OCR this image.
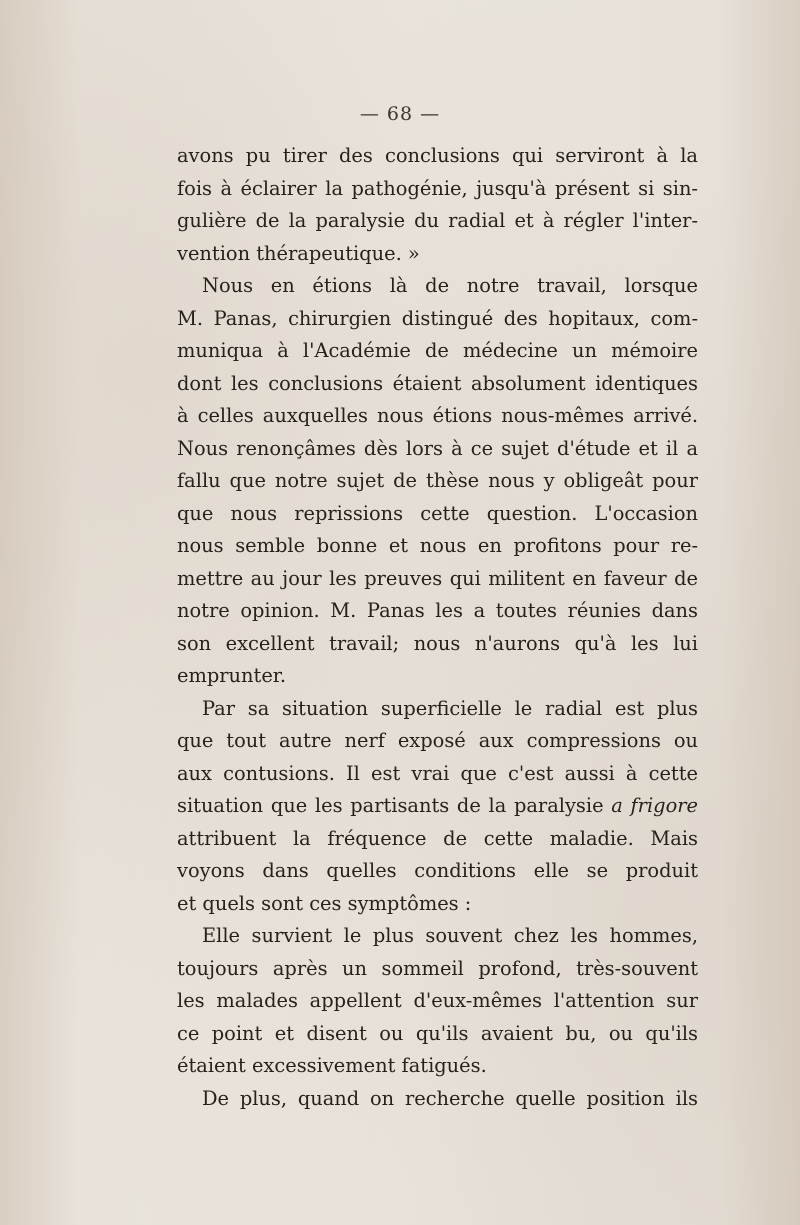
— 68 —
avons pu tirer des conclusions qui serviront à la
fois à éclairer la pathogénie, jusqu'à présent si sin-
gulière de la paralysie du radial et à régler l'inter-
vention thérapeutique. »
Nous en étions là de notre travail, lorsque
M. Panas, chirurgien distingué des hopitaux, com-
muniqua à l'Académie de médecine un mémoire
dont les conclusions étaient absolument identiques
à celles auxquelles nous étions nous-mêmes arrivé.
Nous renonçâmes dès lors à ce sujet d'étude et il a
fallu que notre sujet de thèse nous y obligeât pour
que nous reprissions cette question. L'occasion
nous semble bonne et nous en profitons pour re-
mettre au jour les preuves qui militent en faveur de
notre opinion. M. Panas les a toutes réunies dans
son excellent travail; nous n'aurons qu'à les lui
emprunter.
Par sa situation superficielle le radial est plus
que tout autre nerf exposé aux compressions ou
aux contusions. Il est vrai que c'est aussi à cette
situation que les partisants de la paralysie a frigore
attribuent la fréquence de cette maladie. Mais
voyons dans quelles conditions elle se produit
et quels sont ces symptômes :
Elle survient le plus souvent chez les hommes,
toujours après un sommeil profond, très-souvent
les malades appellent d'eux-mêmes l'attention sur
ce point et disent ou qu'ils avaient bu, ou qu'ils
étaient excessivement fatigués.
De plus, quand on recherche quelle position ils
